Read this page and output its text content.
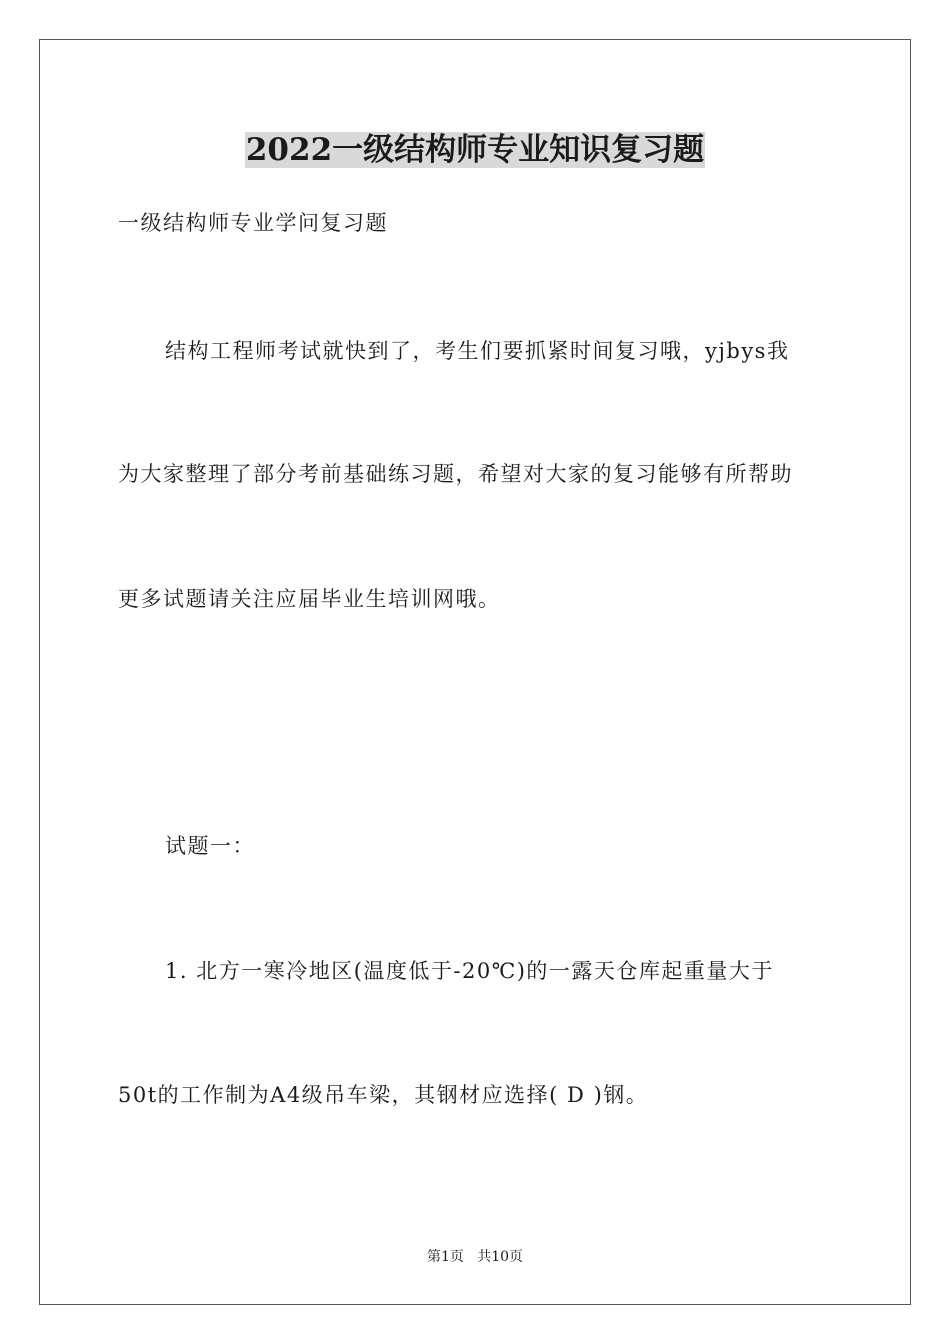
2022一级结构师专业知识复习题
一级结构师专业学问复习题
结构工程师考试就快到了，考生们要抓紧时间复习哦，yjbys我
为大家整理了部分考前基础练习题，希望对大家的复习能够有所帮助
更多试题请关注应届毕业生培训网哦。
试题一：
1. 北方一寒冷地区(温度低于-20℃)的一露天仓库起重量大于
50t的工作制为A4级吊车梁，其钢材应选择( D )钢。
第1页   共10页
